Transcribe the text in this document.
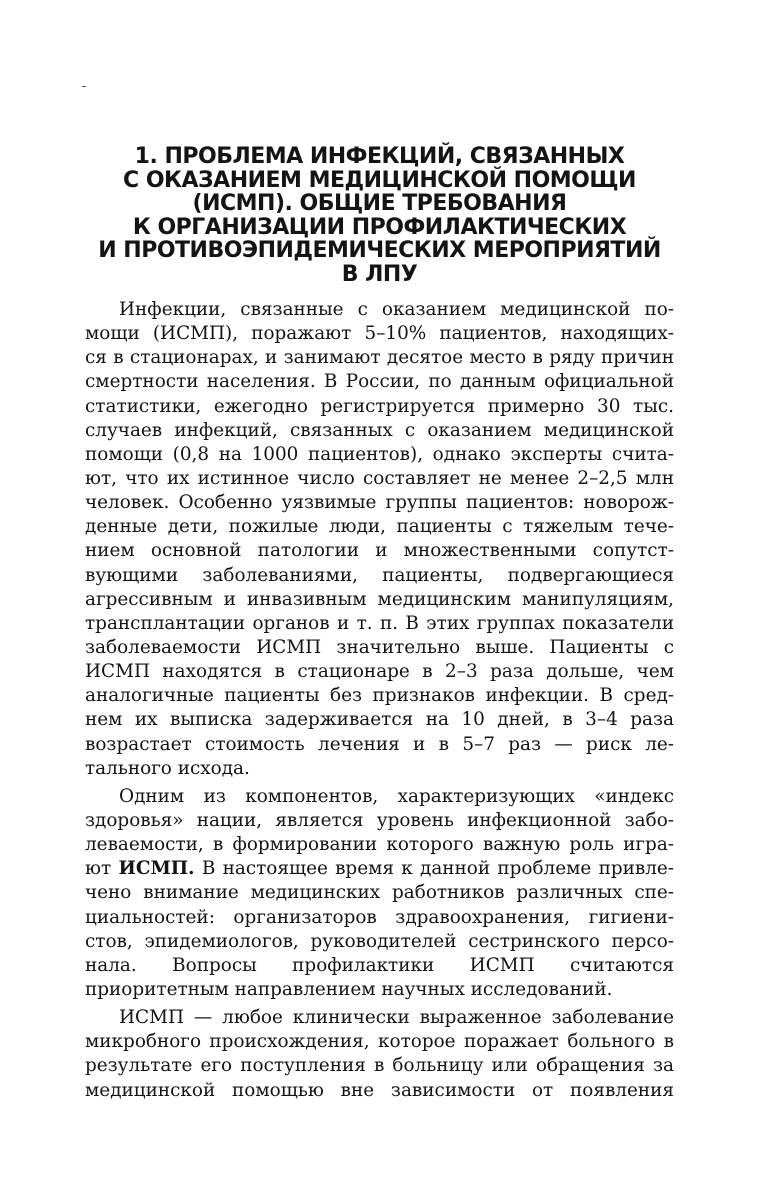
-
1. ПРОБЛЕМА ИНФЕКЦИЙ, СВЯЗАННЫХ
С ОКАЗАНИЕМ МЕДИЦИНСКОЙ ПОМОЩИ
(ИСМП). ОБЩИЕ ТРЕБОВАНИЯ
К ОРГАНИЗАЦИИ ПРОФИЛАКТИЧЕСКИХ
И ПРОТИВОЭПИДЕМИЧЕСКИХ МЕРОПРИЯТИЙ
В ЛПУ
Инфекции, связанные с оказанием медицинской по-
мощи (ИСМП), поражают 5–10% пациентов, находящих-
ся в стационарах, и занимают десятое место в ряду причин
смертности населения. В России, по данным официальной
статистики, ежегодно регистрируется примерно 30 тыс.
случаев инфекций, связанных с оказанием медицинской
помощи (0,8 на 1000 пациентов), однако эксперты счита-
ют, что их истинное число составляет не менее 2–2,5 млн
человек. Особенно уязвимые группы пациентов: новорож-
денные дети, пожилые люди, пациенты с тяжелым тече-
нием основной патологии и множественными сопутст-
вующими заболеваниями, пациенты, подвергающиеся
агрессивным и инвазивным медицинским манипуляциям,
трансплантации органов и т. п. В этих группах показатели
заболеваемости ИСМП значительно выше. Пациенты с
ИСМП находятся в стационаре в 2–3 раза дольше, чем
аналогичные пациенты без признаков инфекции. В сред-
нем их выписка задерживается на 10 дней, в 3–4 раза
возрастает стоимость лечения и в 5–7 раз — риск ле-
тального исхода.
Одним из компонентов, характеризующих «индекс
здоровья» нации, является уровень инфекционной забо-
леваемости, в формировании которого важную роль игра-
ют ИСМП. В настоящее время к данной проблеме привле-
чено внимание медицинских работников различных спе-
циальностей: организаторов здравоохранения, гигиени-
стов, эпидемиологов, руководителей сестринского персо-
нала. Вопросы профилактики ИСМП считаются
приоритетным направлением научных исследований.
ИСМП — любое клинически выраженное заболевание
микробного происхождения, которое поражает больного в
результате его поступления в больницу или обращения за
медицинской помощью вне зависимости от появления
